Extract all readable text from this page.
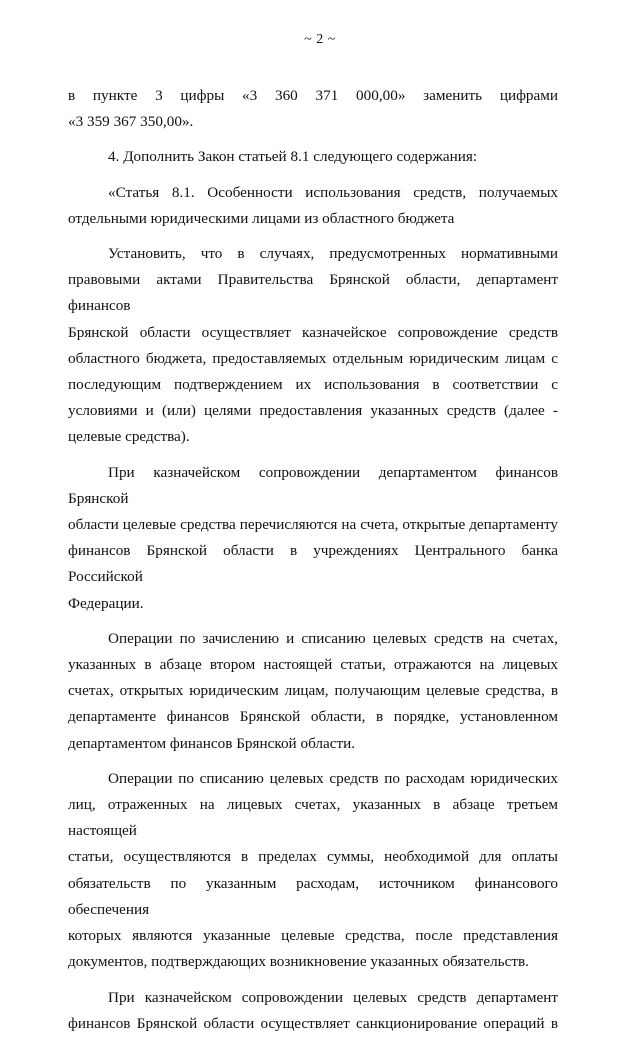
~ 2 ~

в пункте 3 цифры «3 360 371 000,00» заменить цифрами
«3 359 367 350,00».

4. Дополнить Закон статьей 8.1 следующего содержания:

«Статья 8.1. Особенности использования средств, получаемых
отдельными юридическими лицами из областного бюджета

Установить, что в случаях, предусмотренных нормативными
правовыми актами Правительства Брянской области, департамент финансов
Брянской области осуществляет казначейское сопровождение средств
областного бюджета, предоставляемых отдельным юридическим лицам с
последующим подтверждением их использования в соответствии с
условиями и (или) целями предоставления указанных средств (далее -
целевые средства).

При казначейском сопровождении департаментом финансов Брянской
области целевые средства перечисляются на счета, открытые департаменту
финансов Брянской области в учреждениях Центрального банка Российской
Федерации.

Операции по зачислению и списанию целевых средств на счетах,
указанных в абзаце втором настоящей статьи, отражаются на лицевых
счетах, открытых юридическим лицам, получающим целевые средства, в
департаменте финансов Брянской области, в порядке, установленном
департаментом финансов Брянской области.

Операции по списанию целевых средств по расходам юридических
лиц, отраженных на лицевых счетах, указанных в абзаце третьем настоящей
статьи, осуществляются в пределах суммы, необходимой для оплаты
обязательств по указанным расходам, источником финансового обеспечения
которых являются указанные целевые средства, после представления
документов, подтверждающих возникновение указанных обязательств.

При казначейском сопровождении целевых средств департамент
финансов Брянской области осуществляет санкционирование операций в
